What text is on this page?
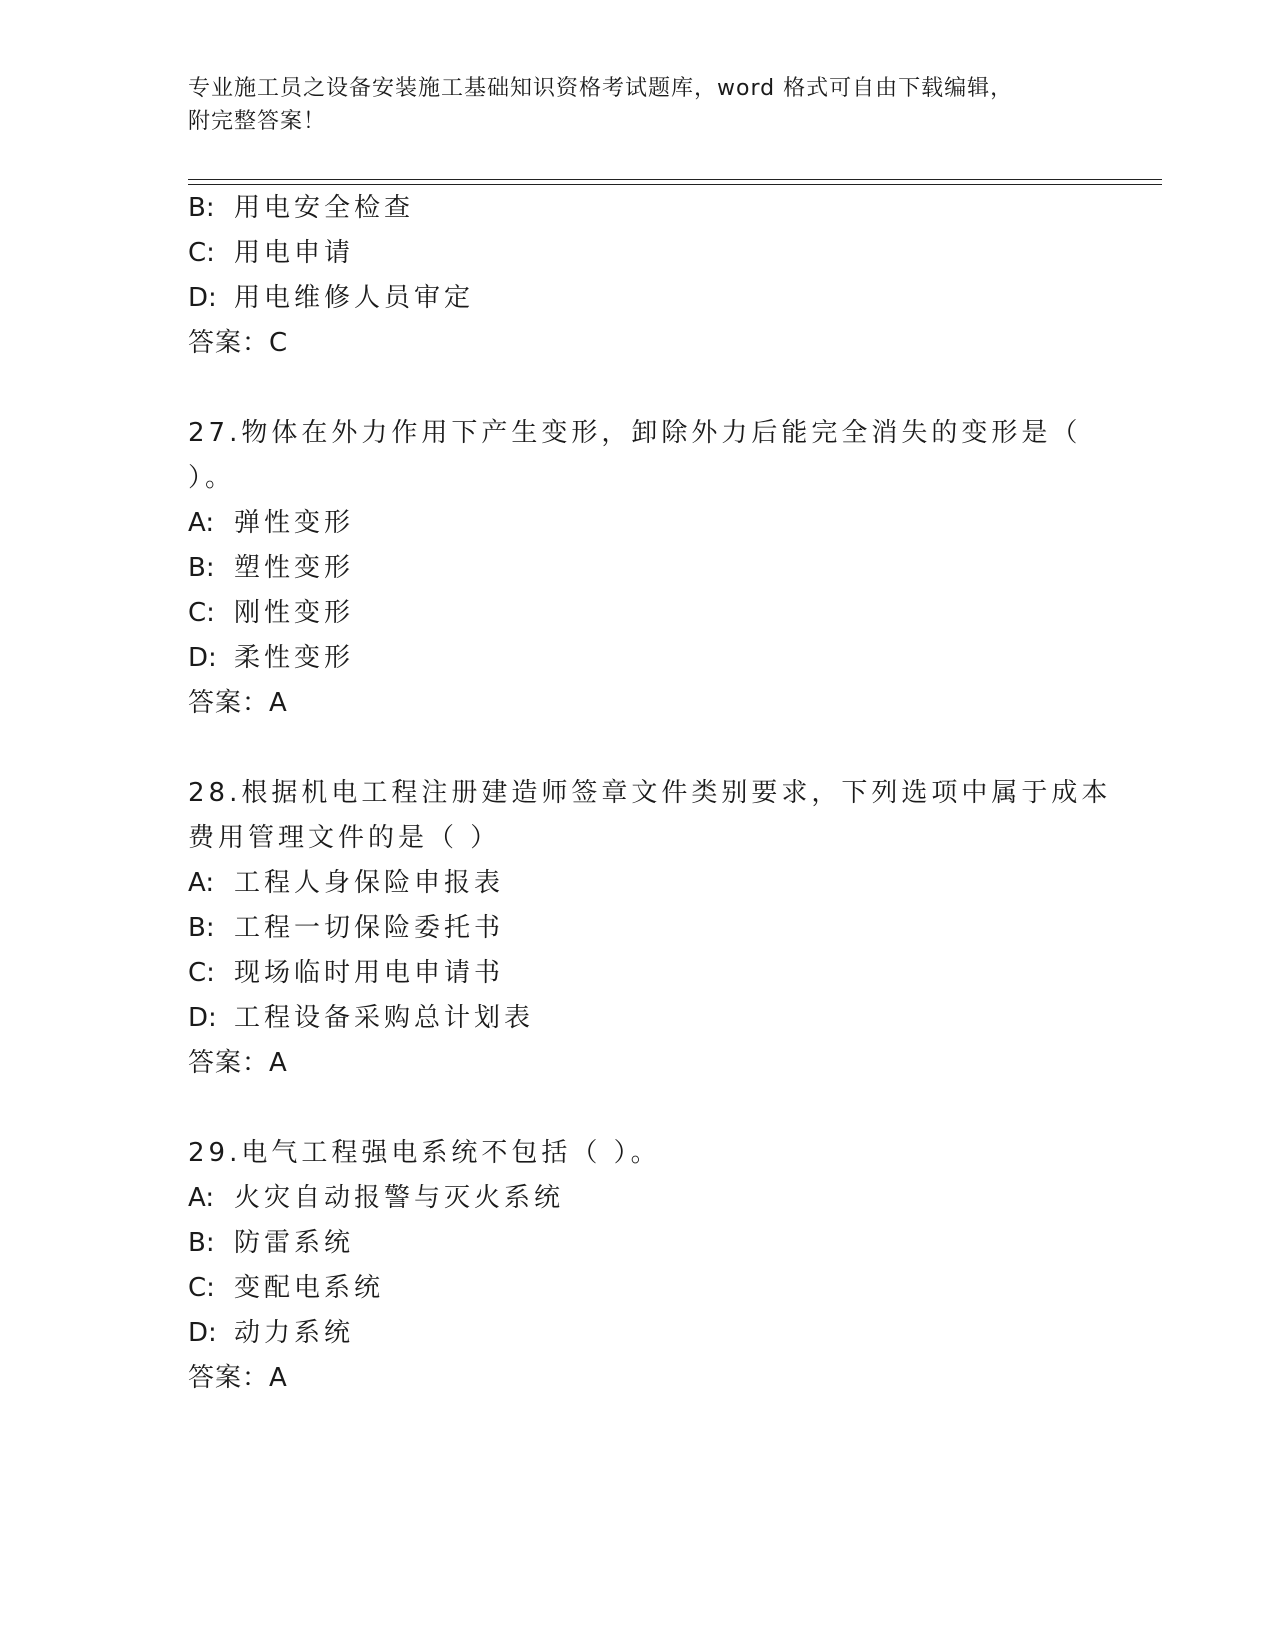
专业施工员之设备安装施工基础知识资格考试题库，word 格式可自由下载编辑，
附完整答案！
B: 用电安全检查
C: 用电申请
D: 用电维修人员审定
答案：C
27.物体在外力作用下产生变形，卸除外力后能完全消失的变形是（
）。
A: 弹性变形
B: 塑性变形
C: 刚性变形
D: 柔性变形
答案：A
28.根据机电工程注册建造师签章文件类别要求，下列选项中属于成本
费用管理文件的是（ ）
A: 工程人身保险申报表
B: 工程一切保险委托书
C: 现场临时用电申请书
D: 工程设备采购总计划表
答案：A
29.电气工程强电系统不包括（ ）。
A: 火灾自动报警与灭火系统
B: 防雷系统
C: 变配电系统
D: 动力系统
答案：A
